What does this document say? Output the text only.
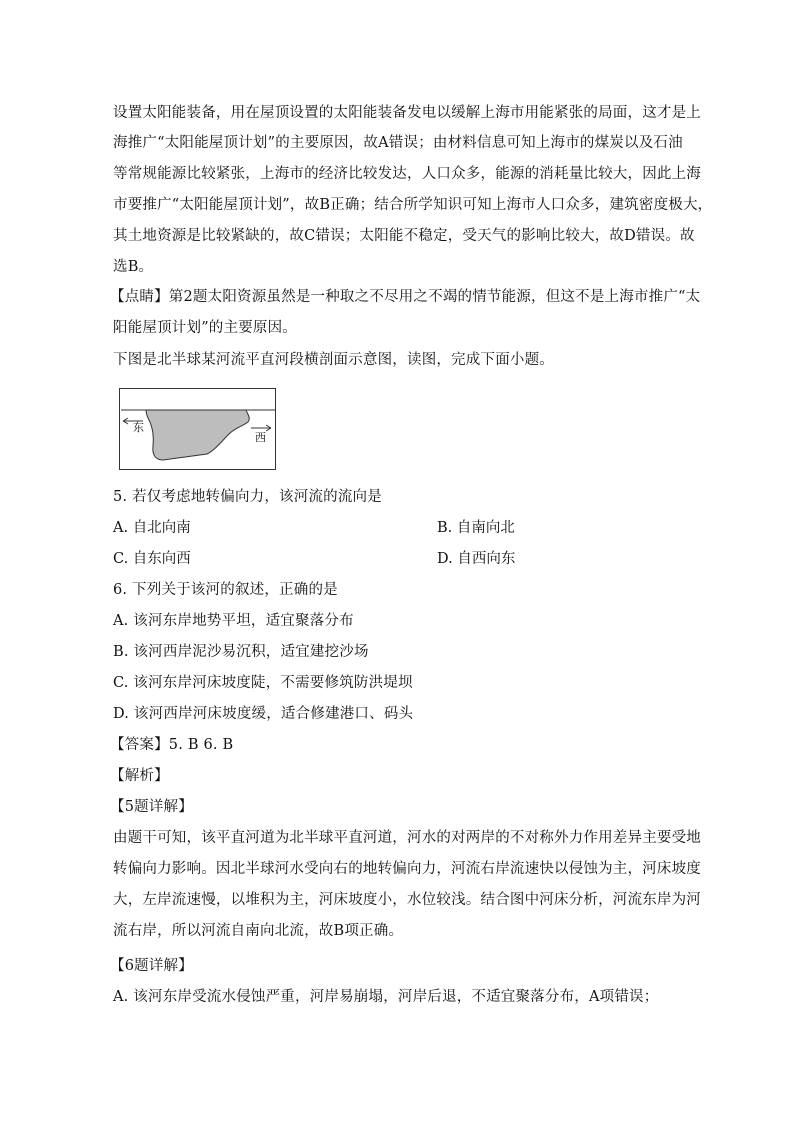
设置太阳能装备，用在屋顶设置的太阳能装备发电以缓解上海市用能紧张的局面，这才是上
海推广“太阳能屋顶计划”的主要原因，故A错误；由材料信息可知上海市的煤炭以及石油
等常规能源比较紧张，上海市的经济比较发达，人口众多，能源的消耗量比较大，因此上海
市要推广“太阳能屋顶计划”，故B正确；结合所学知识可知上海市人口众多，建筑密度极大，
其土地资源是比较紧缺的，故C错误；太阳能不稳定，受天气的影响比较大，故D错误。故
选B。
【点睛】第2题太阳资源虽然是一种取之不尽用之不竭的情节能源，但这不是上海市推广“太
阳能屋顶计划”的主要原因。
下图是北半球某河流平直河段横剖面示意图，读图，完成下面小题。
东
西
5. 若仅考虑地转偏向力，该河流的流向是
A. 自北向南	B. 自南向北
C. 自东向西	D. 自西向东
6. 下列关于该河的叙述，正确的是
A. 该河东岸地势平坦，适宜聚落分布
B. 该河西岸泥沙易沉积，适宜建挖沙场
C. 该河东岸河床坡度陡，不需要修筑防洪堤坝
D. 该河西岸河床坡度缓，适合修建港口、码头
【答案】5. B 6. B
【解析】
【5题详解】
由题干可知，该平直河道为北半球平直河道，河水的对两岸的不对称外力作用差异主要受地
转偏向力影响。因北半球河水受向右的地转偏向力，河流右岸流速快以侵蚀为主，河床坡度
大，左岸流速慢，以堆积为主，河床坡度小，水位较浅。结合图中河床分析，河流东岸为河
流右岸，所以河流自南向北流，故B项正确。
【6题详解】
A. 该河东岸受流水侵蚀严重，河岸易崩塌，河岸后退，不适宜聚落分布，A项错误；
